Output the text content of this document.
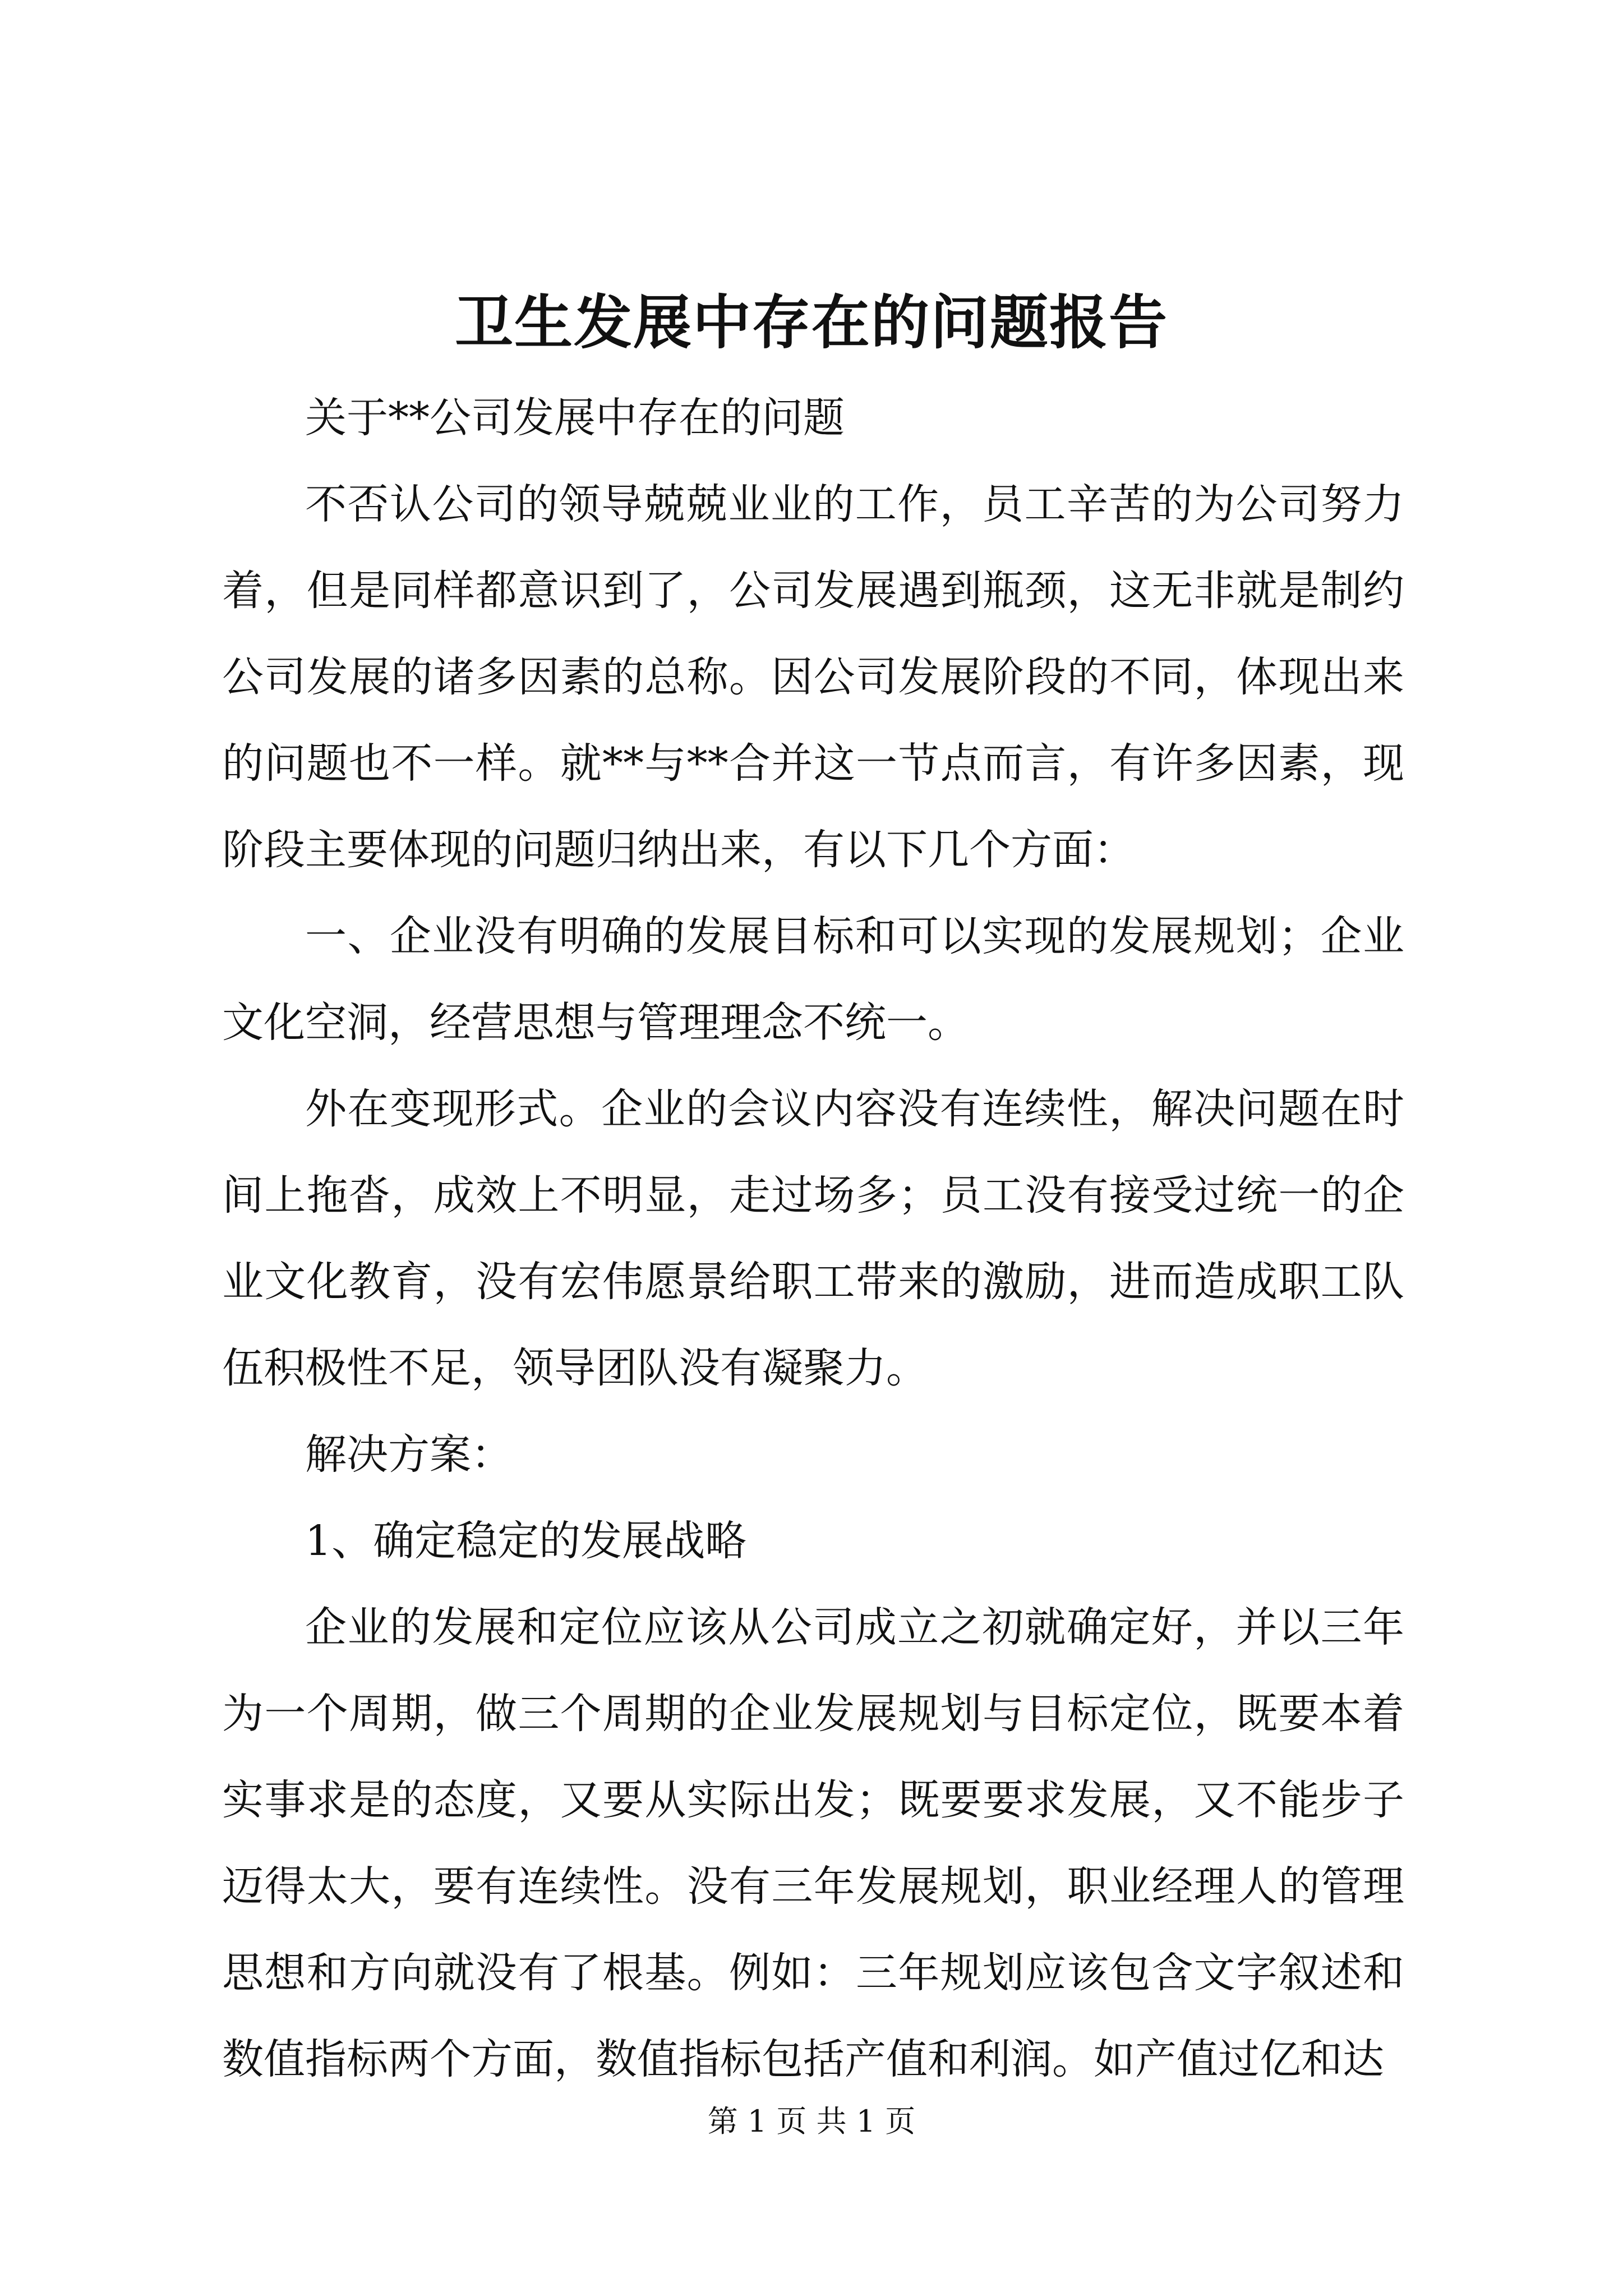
卫生发展中存在的问题报告

关于**公司发展中存在的问题

不否认公司的领导兢兢业业的工作，员工辛苦的为公司努力着，但是同样都意识到了，公司发展遇到瓶颈，这无非就是制约公司发展的诸多因素的总称。因公司发展阶段的不同，体现出来的问题也不一样。就**与**合并这一节点而言，有许多因素，现阶段主要体现的问题归纳出来，有以下几个方面：

一、企业没有明确的发展目标和可以实现的发展规划；企业文化空洞，经营思想与管理理念不统一。

外在变现形式。企业的会议内容没有连续性，解决问题在时间上拖沓，成效上不明显，走过场多；员工没有接受过统一的企业文化教育，没有宏伟愿景给职工带来的激励，进而造成职工队伍积极性不足，领导团队没有凝聚力。

解决方案：

1、确定稳定的发展战略

企业的发展和定位应该从公司成立之初就确定好，并以三年为一个周期，做三个周期的企业发展规划与目标定位，既要本着实事求是的态度，又要从实际出发；既要要求发展，又不能步子迈得太大，要有连续性。没有三年发展规划，职业经理人的管理思想和方向就没有了根基。例如：三年规划应该包含文字叙述和数值指标两个方面，数值指标包括产值和利润。如产值过亿和达

第 1 页 共 1 页
